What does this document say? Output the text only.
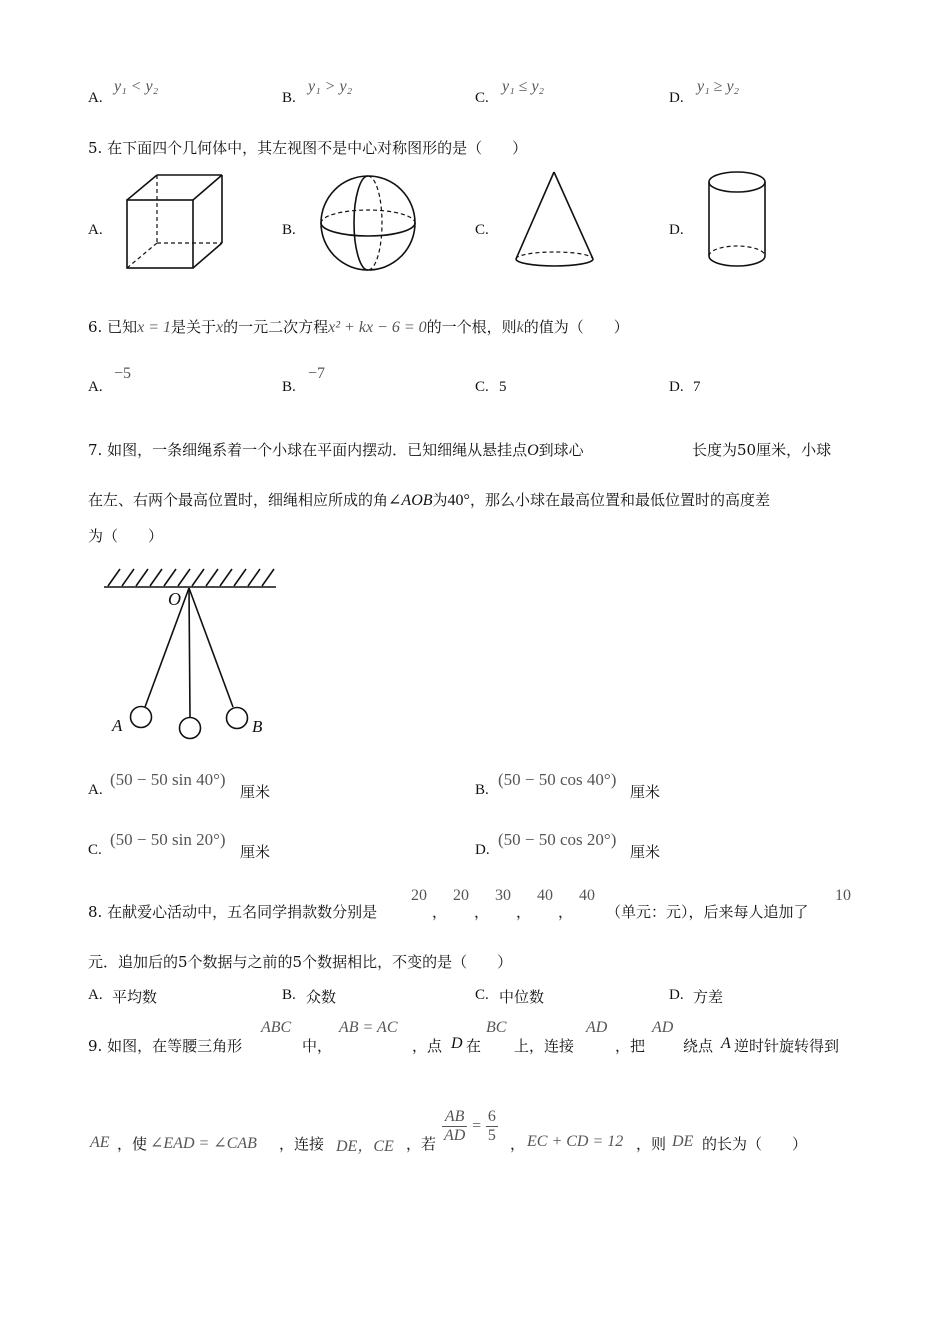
A.
y₁ < y₂
B.
y₁ > y₂
C.
y₁ ≤ y₂
D.
y₁ ≥ y₂
5. 在下面四个几何体中，其左视图不是中心对称图形的是（　　）
A.	B.	C.	D.
6. 已知x = 1是关于x的一元二次方程x² + kx − 6 = 0的一个根，则k的值为（　　）
A.
−5
B.
−7
C. 5	D. 7
7. 如图，一条细绳系着一个小球在平面内摆动．已知细绳从悬挂点O到球心	长度为50厘米，小球
在左、右两个最高位置时，细绳相应所成的角∠AOB为40°，那么小球在最高位置和最低位置时的高度差
为（　　）
O
A	B
A.
(50 − 50 sin 40°)
厘米	B.
(50 − 50 cos 40°)
厘米
C.
(50 − 50 sin 20°)
厘米	D.
(50 − 50 cos 20°)
厘米
8. 在献爱心活动中，五名同学捐款数分别是
20
，
20
，
30
，
40
，
40
（单元：元），后来每人追加了
10
元．追加后的5个数据与之前的5个数据相比，不变的是（　　）
A. 平均数	B. 众数	C. 中位数	D. 方差
9. 如图，在等腰三角形
ABC
中，
AB = AC
，点 D 在
BC
上，连接
AD
，把
AD
绕点 A 逆时针旋转得到
AE ，使 ∠EAD = ∠CAB ，连接 DE，CE ，若 $\frac{AB}{AD} = \frac{6}{5}$ ， EC + CD = 12 ，则 DE 的长为（　　）
